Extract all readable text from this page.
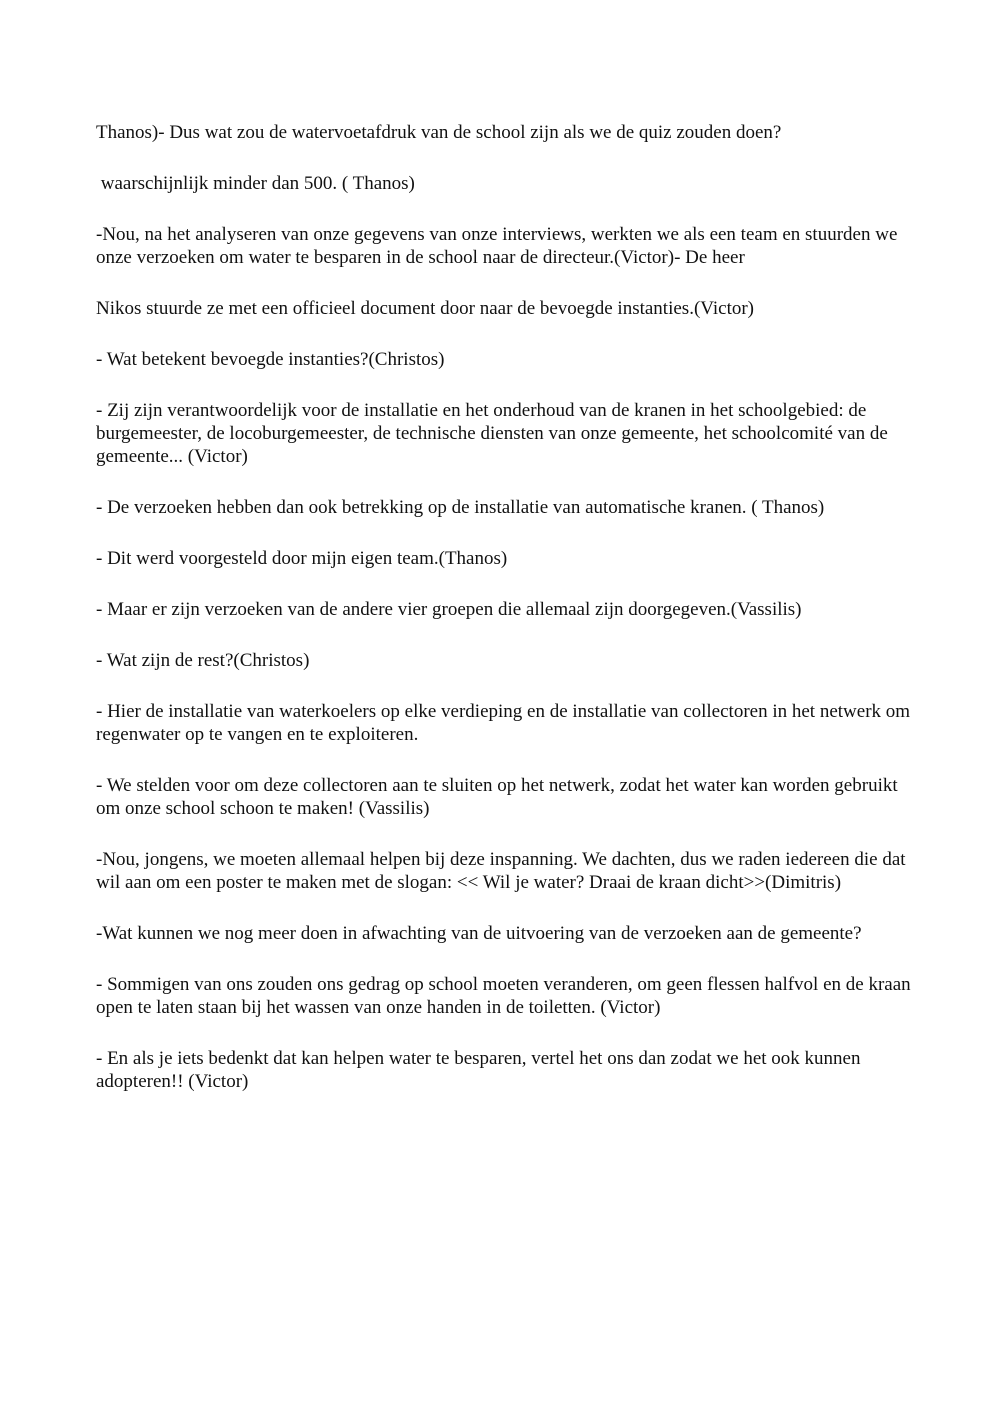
Thanos)- Dus wat zou de watervoetafdruk van de school zijn als we de quiz zouden doen?

waarschijnlijk minder dan 500. ( Thanos)

-Nou, na het analyseren van onze gegevens van onze interviews, werkten we als een team en stuurden we onze verzoeken om water te besparen in de school naar de directeur.(Victor)- De heer

Nikos stuurde ze met een officieel document door naar de bevoegde instanties.(Victor)

- Wat betekent bevoegde instanties?(Christos)

- Zij zijn verantwoordelijk voor de installatie en het onderhoud van de kranen in het schoolgebied: de burgemeester, de locoburgemeester, de technische diensten van onze gemeente, het schoolcomité van de gemeente... (Victor)

- De verzoeken hebben dan ook betrekking op de installatie van automatische kranen. ( Thanos)

- Dit werd voorgesteld door mijn eigen team.(Thanos)

- Maar er zijn verzoeken van de andere vier groepen die allemaal zijn doorgegeven.(Vassilis)

- Wat zijn de rest?(Christos)

- Hier de installatie van waterkoelers op elke verdieping en de installatie van collectoren in het netwerk om regenwater op te vangen en te exploiteren.

- We stelden voor om deze collectoren aan te sluiten op het netwerk, zodat het water kan worden gebruikt om onze school schoon te maken! (Vassilis)

-Nou, jongens, we moeten allemaal helpen bij deze inspanning. We dachten, dus we raden iedereen die dat wil aan om een poster te maken met de slogan: << Wil je water? Draai de kraan dicht>>(Dimitris)

-Wat kunnen we nog meer doen in afwachting van de uitvoering van de verzoeken aan de gemeente?

- Sommigen van ons zouden ons gedrag op school moeten veranderen, om geen flessen halfvol en de kraan open te laten staan bij het wassen van onze handen in de toiletten. (Victor)

- En als je iets bedenkt dat kan helpen water te besparen, vertel het ons dan zodat we het ook kunnen adopteren!! (Victor)
